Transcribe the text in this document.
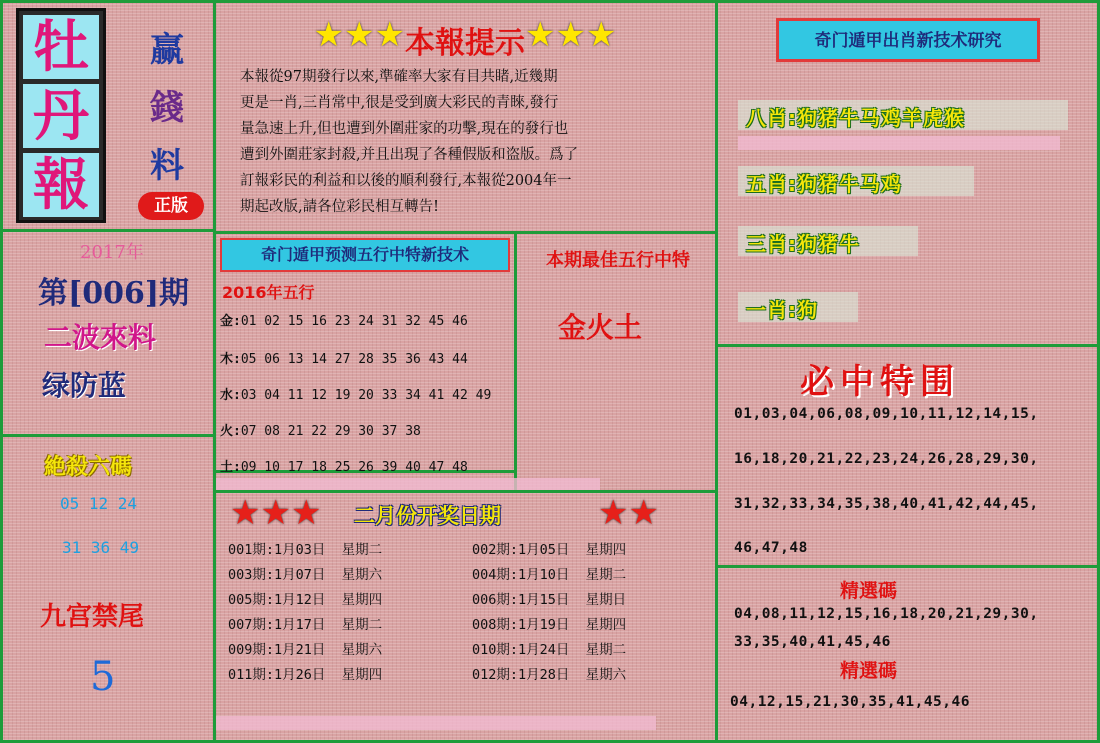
牡
丹
報
赢
錢
料
正版
★★★本報提示★★★

本報從97期發行以來,準確率大家有目共睹,近幾期

更是一肖,三肖常中,很是受到廣大彩民的青睞,發行

量急速上升,但也遭到外圍莊家的功擊,現在的發行也

遭到外圍莊家封殺,并且出現了各種假版和盗版。爲了

訂報彩民的利益和以後的順利發行,本報從2004年一

期起改版,請各位彩民相互轉告!

2017年
第[006]期
二波來料
绿防蓝
絶殺六碼
05 12 24
31 36 49
九宫禁尾
5
奇门遁甲预测五行中特新技术
2016年五行
金:01 02 15 16 23 24 31 32 45 46
木:05 06 13 14 27 28 35 36 43 44
水:03 04 11 12 19 20 33 34 41 42 49
火:07 08 21 22 29 30 37 38
土:09 10 17 18 25 26 39 40 47 48
本期最佳五行中特
金火土
★★★ 二月份开奖日期	★★
001期:1月03日  星期二	002期:1月05日  星期四
003期:1月07日  星期六	004期:1月10日  星期二
005期:1月12日  星期四	006期:1月15日  星期日
007期:1月17日  星期二	008期:1月19日  星期四
009期:1月21日  星期六	010期:1月24日  星期二
011期:1月26日  星期四	012期:1月28日  星期六
奇门遁甲出肖新技术研究
八肖:狗猪牛马鸡羊虎猴
五肖:狗猪牛马鸡
三肖:狗猪牛
一肖:狗
必中特围
01,03,04,06,08,09,10,11,12,14,15,
16,18,20,21,22,23,24,26,28,29,30,
31,32,33,34,35,38,40,41,42,44,45,
46,47,48
精選碼
04,08,11,12,15,16,18,20,21,29,30,
33,35,40,41,45,46
精選碼
04,12,15,21,30,35,41,45,46
